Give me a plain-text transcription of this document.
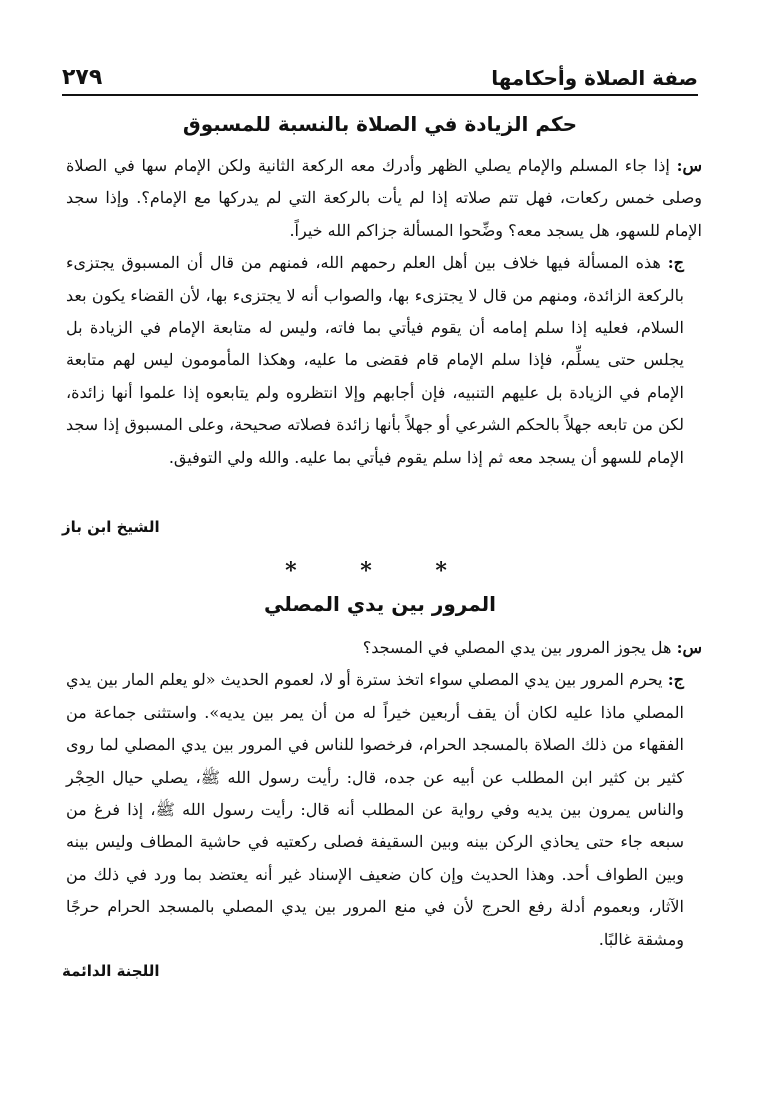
صفة الصلاة وأحكامها
٢٧٩
حكم الزيادة في الصلاة بالنسبة للمسبوق

س: إذا جاء المسلم والإمام يصلي الظهر وأدرك معه الركعة الثانية ولكن الإمام سها في الصلاة وصلى خمس ركعات، فهل تتم صلاته إذا لم يأت بالركعة التي لم يدركها مع الإمام؟. وإذا سجد الإمام للسهو، هل يسجد معه؟ وضِّحوا المسألة جزاكم الله خيراً.

ج: هذه المسألة فيها خلاف بين أهل العلم رحمهم الله، فمنهم من قال أن المسبوق يجتزىء بالركعة الزائدة، ومنهم من قال لا يجتزىء بها، والصواب أنه لا يجتزىء بها، لأن القضاء يكون بعد السلام، فعليه إذا سلم إمامه أن يقوم فيأتي بما فاته، وليس له متابعة الإمام في الزيادة بل يجلس حتى يسلِّم، فإذا سلم الإمام قام فقضى ما عليه، وهكذا المأمومون ليس لهم متابعة الإمام في الزيادة بل عليهم التنبيه، فإن أجابهم وإلا انتظروه ولم يتابعوه إذا علموا أنها زائدة، لكن من تابعه جهلاً بالحكم الشرعي أو جهلاً بأنها زائدة فصلاته صحيحة، وعلى المسبوق إذا سجد الإمام للسهو أن يسجد معه ثم إذا سلم يقوم فيأتي بما عليه. والله ولي التوفيق.

الشيخ ابن باز
* * *
المرور بين يدي المصلي

س: هل يجوز المرور بين يدي المصلي في المسجد؟

ج: يحرم المرور بين يدي المصلي سواء اتخذ سترة أو لا، لعموم الحديث «لو يعلم المار بين يدي المصلي ماذا عليه لكان أن يقف أربعين خيراً له من أن يمر بين يديه». واستثنى جماعة من الفقهاء من ذلك الصلاة بالمسجد الحرام، فرخصوا للناس في المرور بين يدي المصلي لما روى كثير بن كثير ابن المطلب عن أبيه عن جده، قال: رأيت رسول الله ﷺ، يصلي حيال الحِجْر والناس يمرون بين يديه وفي رواية عن المطلب أنه قال: رأيت رسول الله ﷺ، إذا فرغ من سبعه جاء حتى يحاذي الركن بينه وبين السقيفة فصلى ركعتيه في حاشية المطاف وليس بينه وبين الطواف أحد. وهذا الحديث وإن كان ضعيف الإسناد غير أنه يعتضد بما ورد في ذلك من الآثار، وبعموم أدلة رفع الحرج لأن في منع المرور بين يدي المصلي بالمسجد الحرام حرجًا ومشقة غالبًا.

اللجنة الدائمة
